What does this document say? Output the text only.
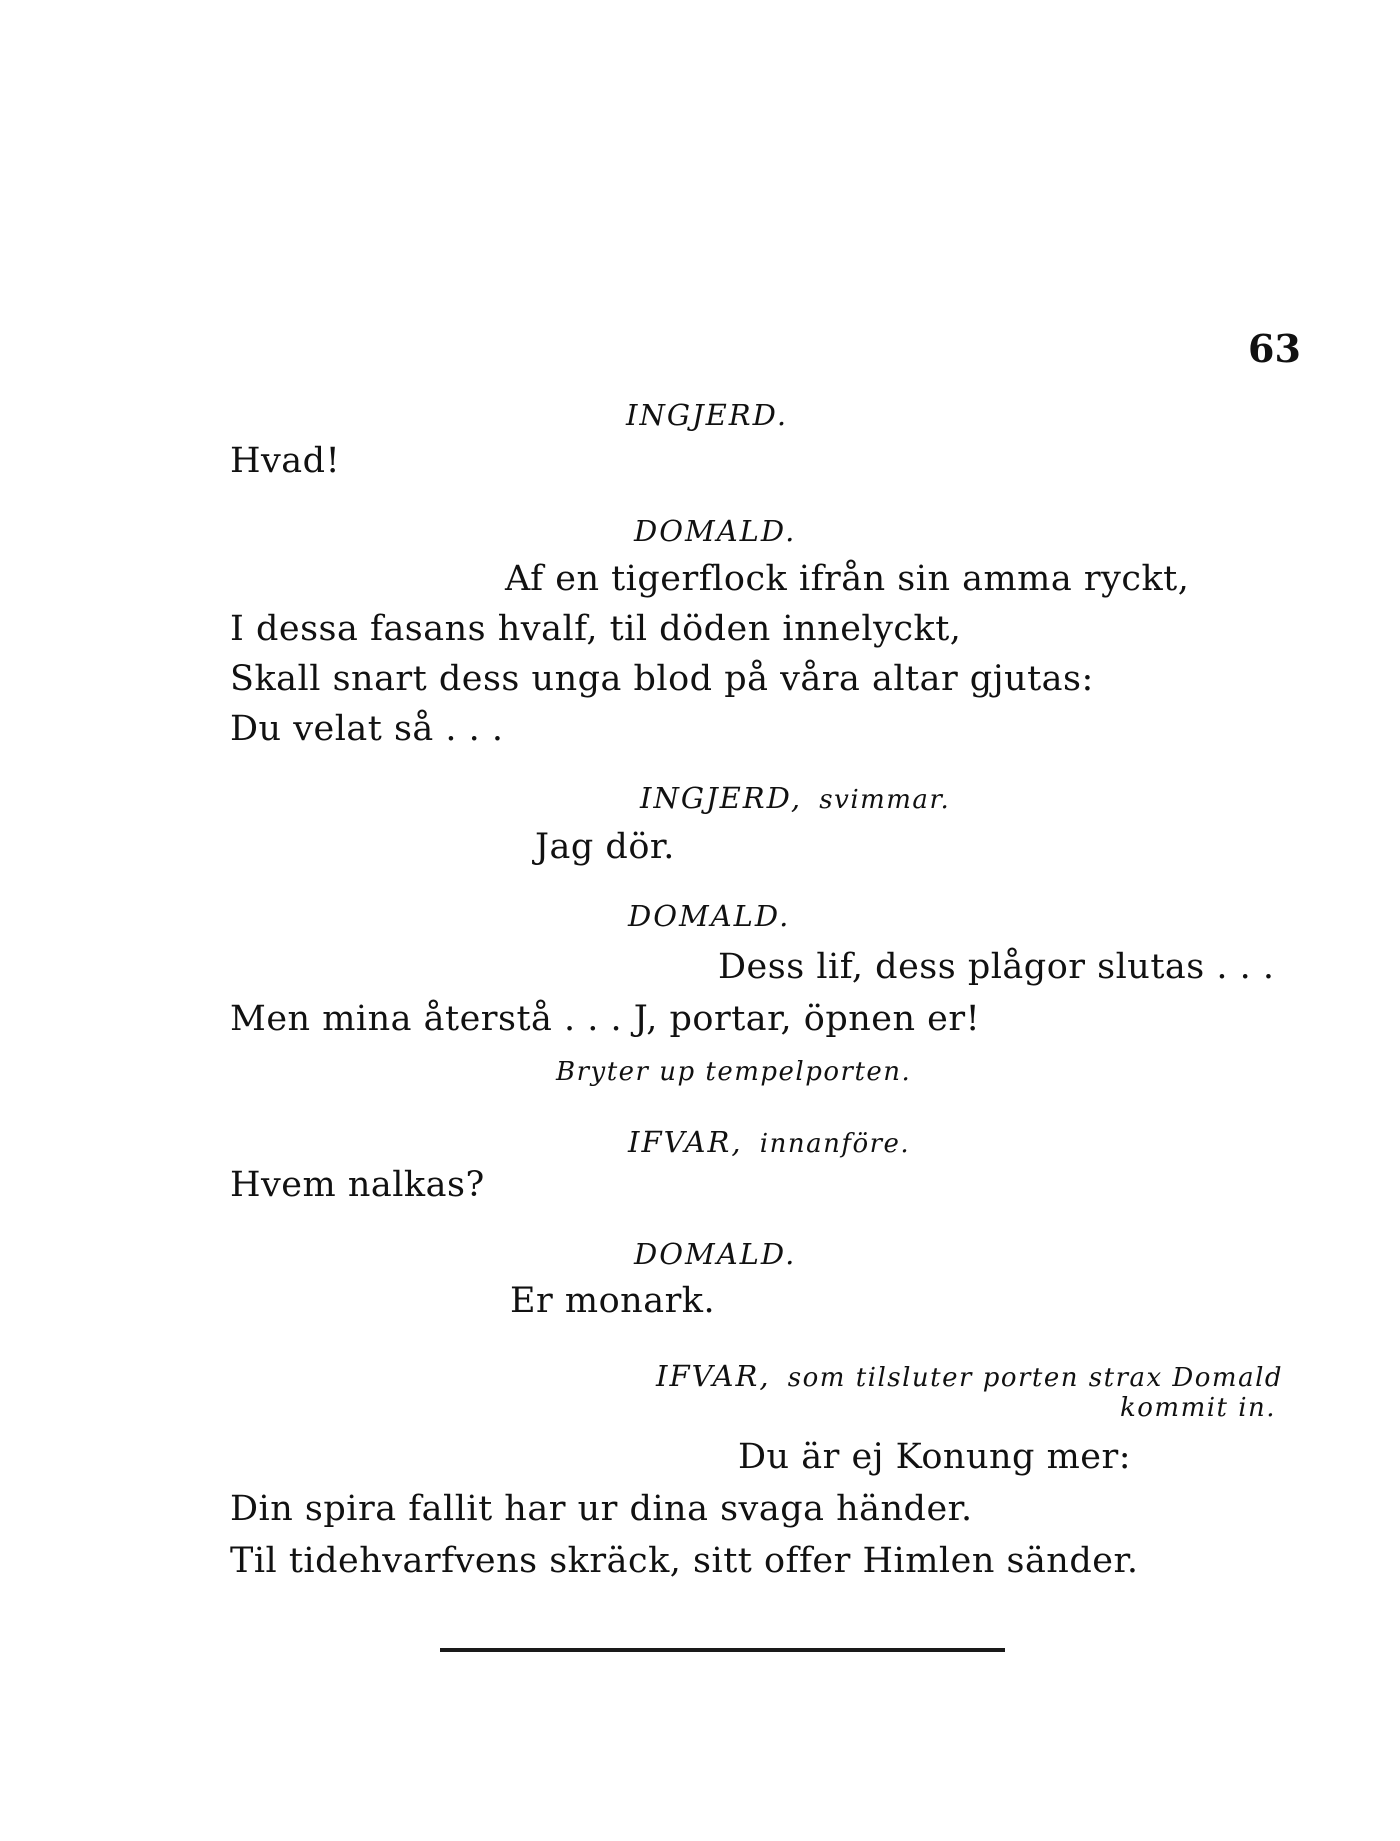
63
INGJERD.
Hvad!
DOMALD.
Af en tigerflock ifrån sin amma ryckt,
I dessa fasans hvalf, til döden innelyckt,
Skall snart dess unga blod på våra altar gjutas:
Du velat så . . .
INGJERD, svimmar.
Jag dör.
DOMALD.
Dess lif, dess plågor slutas . . .
Men mina återstå . . . J, portar, öpnen er!
Bryter up tempelporten.
IFVAR, innanföre.
Hvem nalkas?
DOMALD.
Er monark.
IFVAR, som tilsluter porten strax Domald
kommit in.
Du är ej Konung mer:
Din spira fallit har ur dina svaga händer.
Til tidehvarfvens skräck, sitt offer Himlen sänder.
